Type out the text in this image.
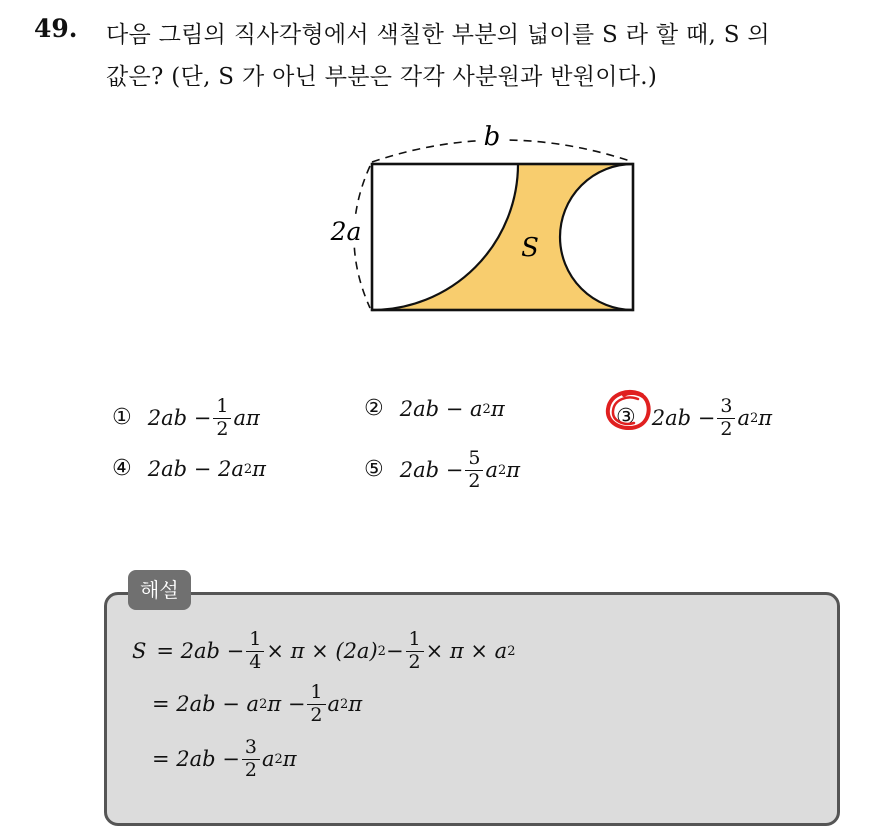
49. 다음 그림의 직사각형에서 색칠한 부분의 넓이를 S 라 할 때, S 의
값은? (단, S 가 아닌 부분은 각각 사분원과 반원이다.)
b
2a
S
① $2ab - \frac{1}{2}$ aπ	② 2ab − a 2 π	③ $2ab - \frac{3}{2}$ a 2 π
④ 2ab − 2a 2 π	⑤ $2ab - \frac{5}{2}$ a 2 π
해설
$S = 2ab - \frac{1}{4} \times \pi \times (2a) 2 - \frac{1}{2} \times \pi \times a$ 2
= 2ab − a 2 $\pi - \frac{1}{2}$ a 2 π
= $2ab - \frac{3}{2}$ a 2 π
